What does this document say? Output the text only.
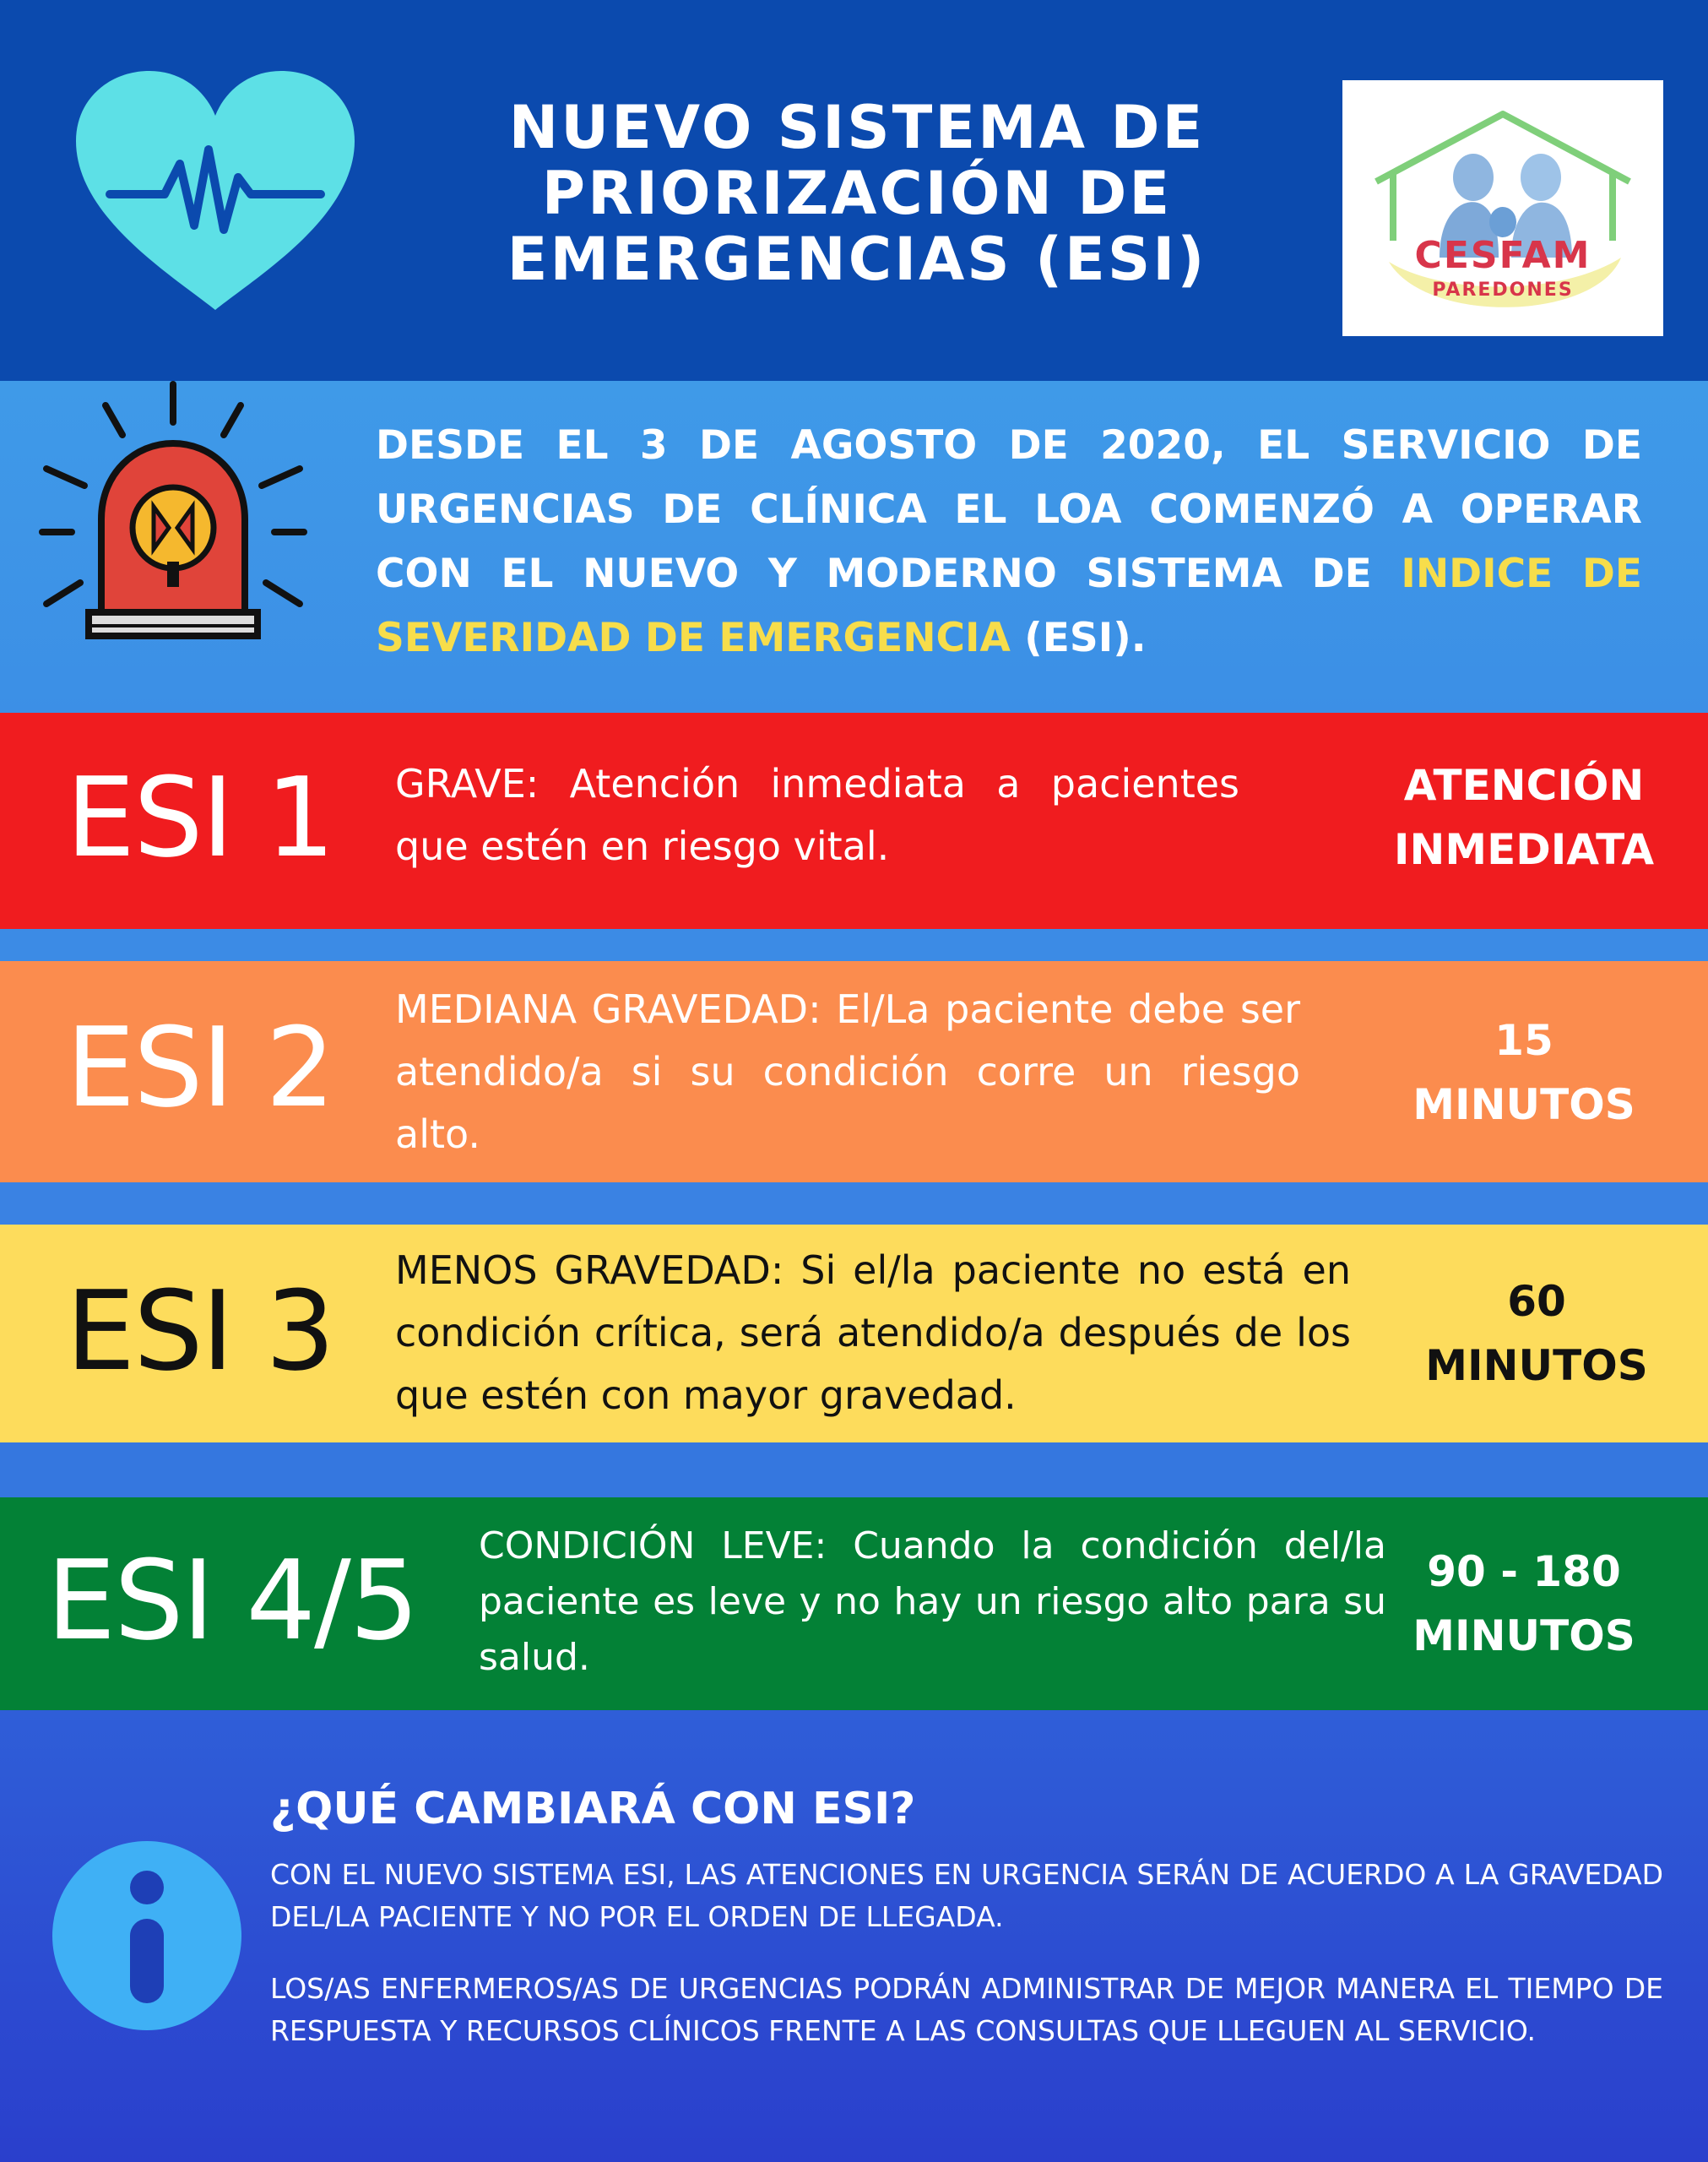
NUEVO SISTEMA DE
PRIORIZACIÓN DE
EMERGENCIAS (ESI)	CESFAM
PAREDONES
DESDE EL 3 DE AGOSTO DE 2020, EL SERVICIO DE URGENCIAS DE CLÍNICA EL LOA COMENZÓ A OPERAR CON EL NUEVO Y MODERNO SISTEMA DE INDICE DE SEVERIDAD DE EMERGENCIA (ESI).
ESI 1 GRAVE: Atención inmediata a pacientes que estén en riesgo vital.
ATENCIÓN
INMEDIATA
ESI 2 MEDIANA GRAVEDAD: El/La paciente debe ser atendido/a si su condición corre un riesgo alto.
15
MINUTOS
ESI 3 MENOS GRAVEDAD: Si el/la paciente no está en condición crítica, será atendido/a después de los que estén con mayor gravedad.
60
MINUTOS
ESI 4/5 CONDICIÓN LEVE: Cuando la condición del/la paciente es leve y no hay un riesgo alto para su salud.
90 - 180
MINUTOS
¿QUÉ CAMBIARÁ CON ESI?
CON EL NUEVO SISTEMA ESI, LAS ATENCIONES EN URGENCIA SERÁN DE ACUERDO A LA GRAVEDAD DEL/LA PACIENTE Y NO POR EL ORDEN DE LLEGADA.
LOS/AS ENFERMEROS/AS DE URGENCIAS PODRÁN ADMINISTRAR DE MEJOR MANERA EL TIEMPO DE RESPUESTA Y RECURSOS CLÍNICOS FRENTE A LAS CONSULTAS QUE LLEGUEN AL SERVICIO.
